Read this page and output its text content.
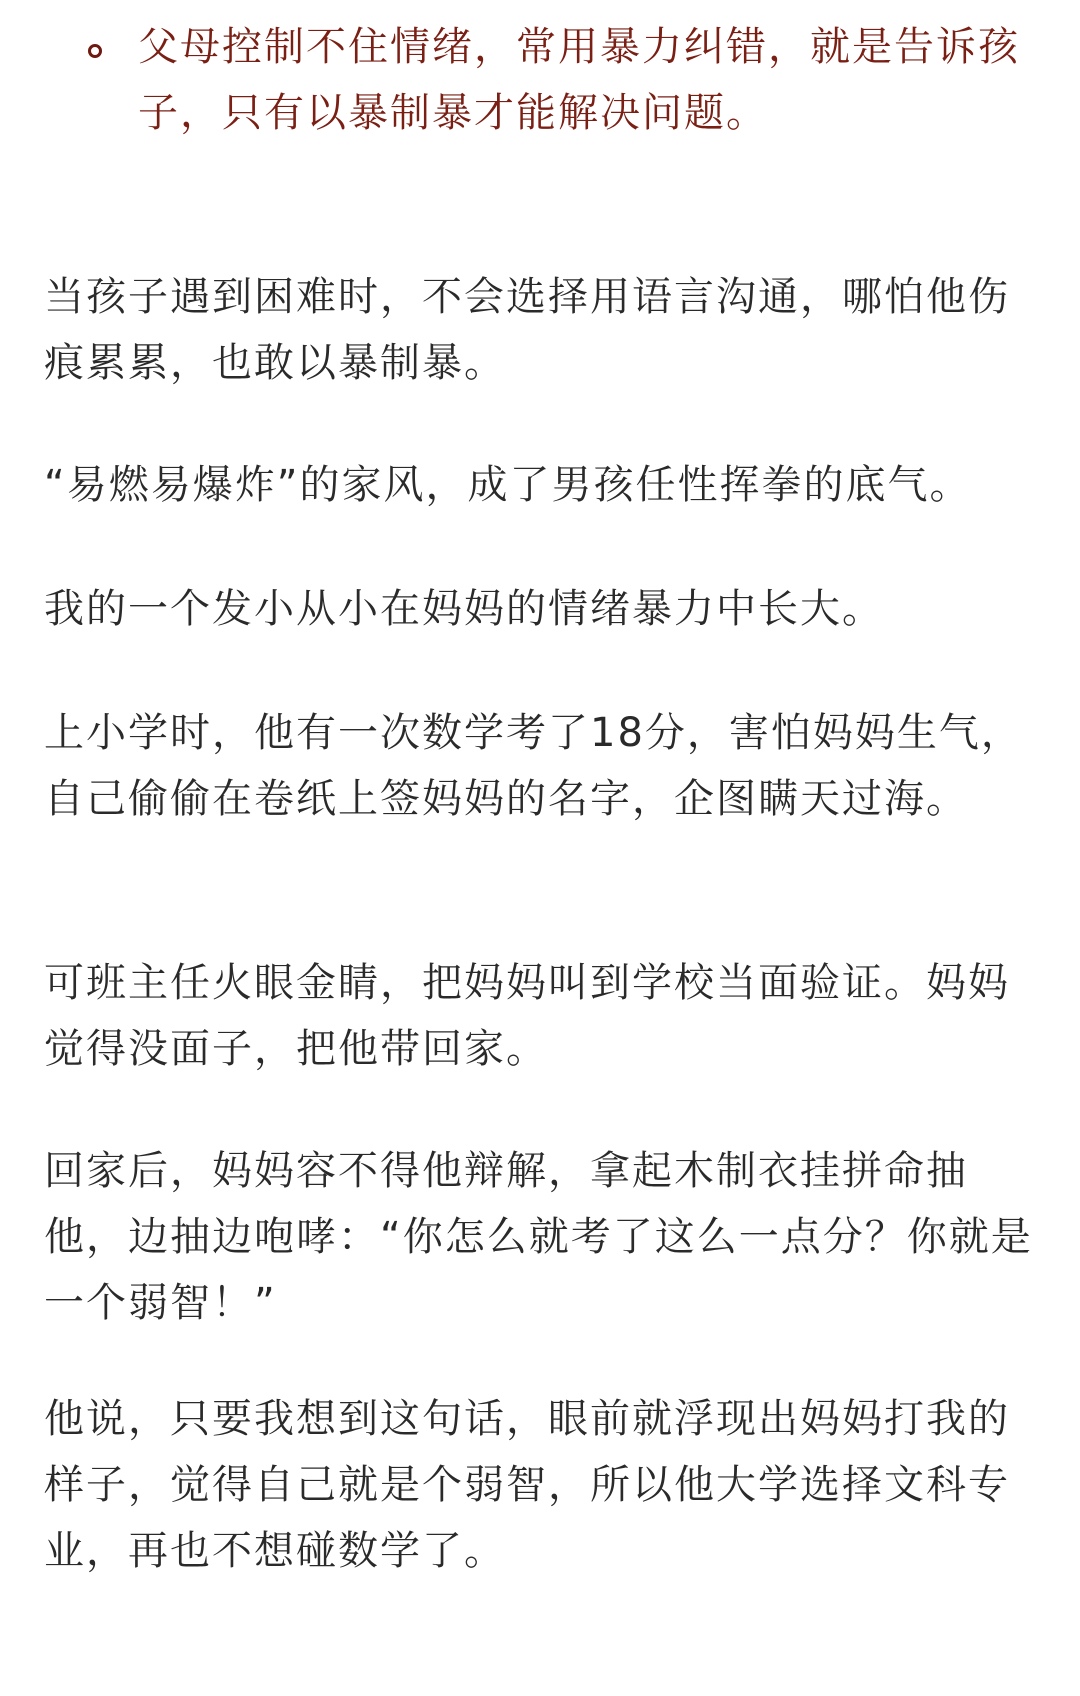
父母控制不住情绪，常用暴力纠错，就是告诉孩子，只有以暴制暴才能解决问题。

当孩子遇到困难时，不会选择用语言沟通，哪怕他伤痕累累，也敢以暴制暴。

“易燃易爆炸”的家风，成了男孩任性挥拳的底气。

我的一个发小从小在妈妈的情绪暴力中长大。

上小学时，他有一次数学考了18分，害怕妈妈生气，自己偷偷在卷纸上签妈妈的名字，企图瞒天过海。

可班主任火眼金睛，把妈妈叫到学校当面验证。妈妈觉得没面子，把他带回家。

回家后，妈妈容不得他辩解，拿起木制衣挂拼命抽他，边抽边咆哮：“你怎么就考了这么一点分？你就是一个弱智！”

他说，只要我想到这句话，眼前就浮现出妈妈打我的样子，觉得自己就是个弱智，所以他大学选择文科专业，再也不想碰数学了。
